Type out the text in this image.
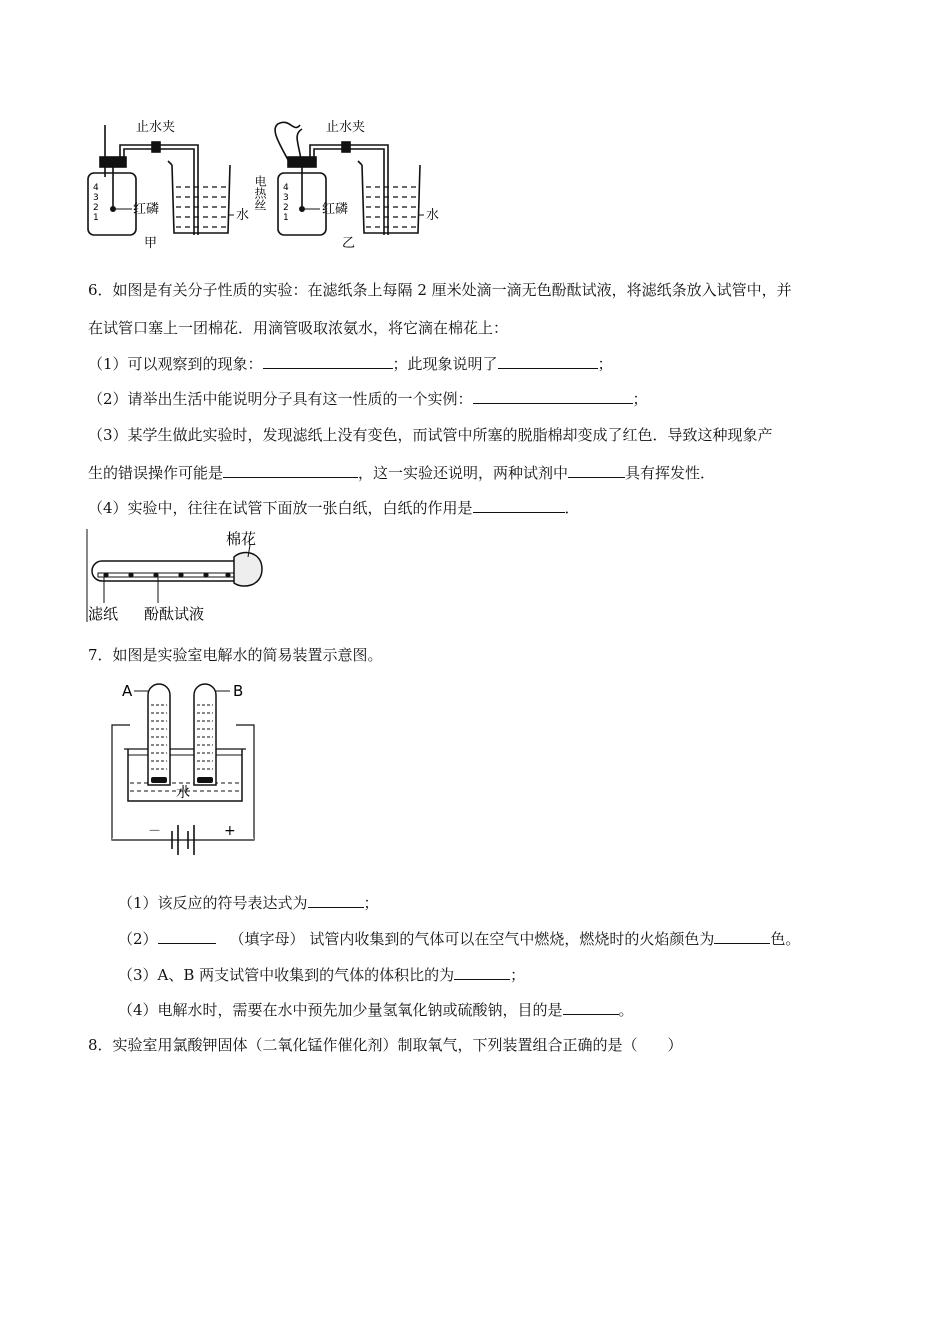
止水夹
红磷	水
甲
4
3
2
1
止水夹
红磷	水
乙
电热丝 4
3
2
1
6．如图是有关分子性质的实验：在滤纸条上每隔 2 厘米处滴一滴无色酚酞试液，将滤纸条放入试管中，并
在试管口塞上一团棉花．用滴管吸取浓氨水，将它滴在棉花上：
（1）可以观察到的现象：	；此现象说明了	；
（2）请举出生活中能说明分子具有这一性质的一个实例：	；
（3）某学生做此实验时，发现滤纸上没有变色，而试管中所塞的脱脂棉却变成了红色．导致这种现象产
生的错误操作可能是	，这一实验还说明，两种试剂中	具有挥发性．
（4）实验中，往往在试管下面放一张白纸，白纸的作用是	．
棉花
滤纸 酚酞试液
7．如图是实验室电解水的简易装置示意图。
A	B
水
－	+
（1）该反应的符号表达式为	；
（2）	（填字母） 试管内收集到的气体可以在空气中燃烧，燃烧时的火焰颜色为	色。
（3）A、B 两支试管中收集到的气体的体积比的为	；
（4）电解水时，需要在水中预先加少量氢氧化钠或硫酸钠，目的是	。
8．实验室用氯酸钾固体（二氧化锰作催化剂）制取氧气，下列装置组合正确的是（　　）
